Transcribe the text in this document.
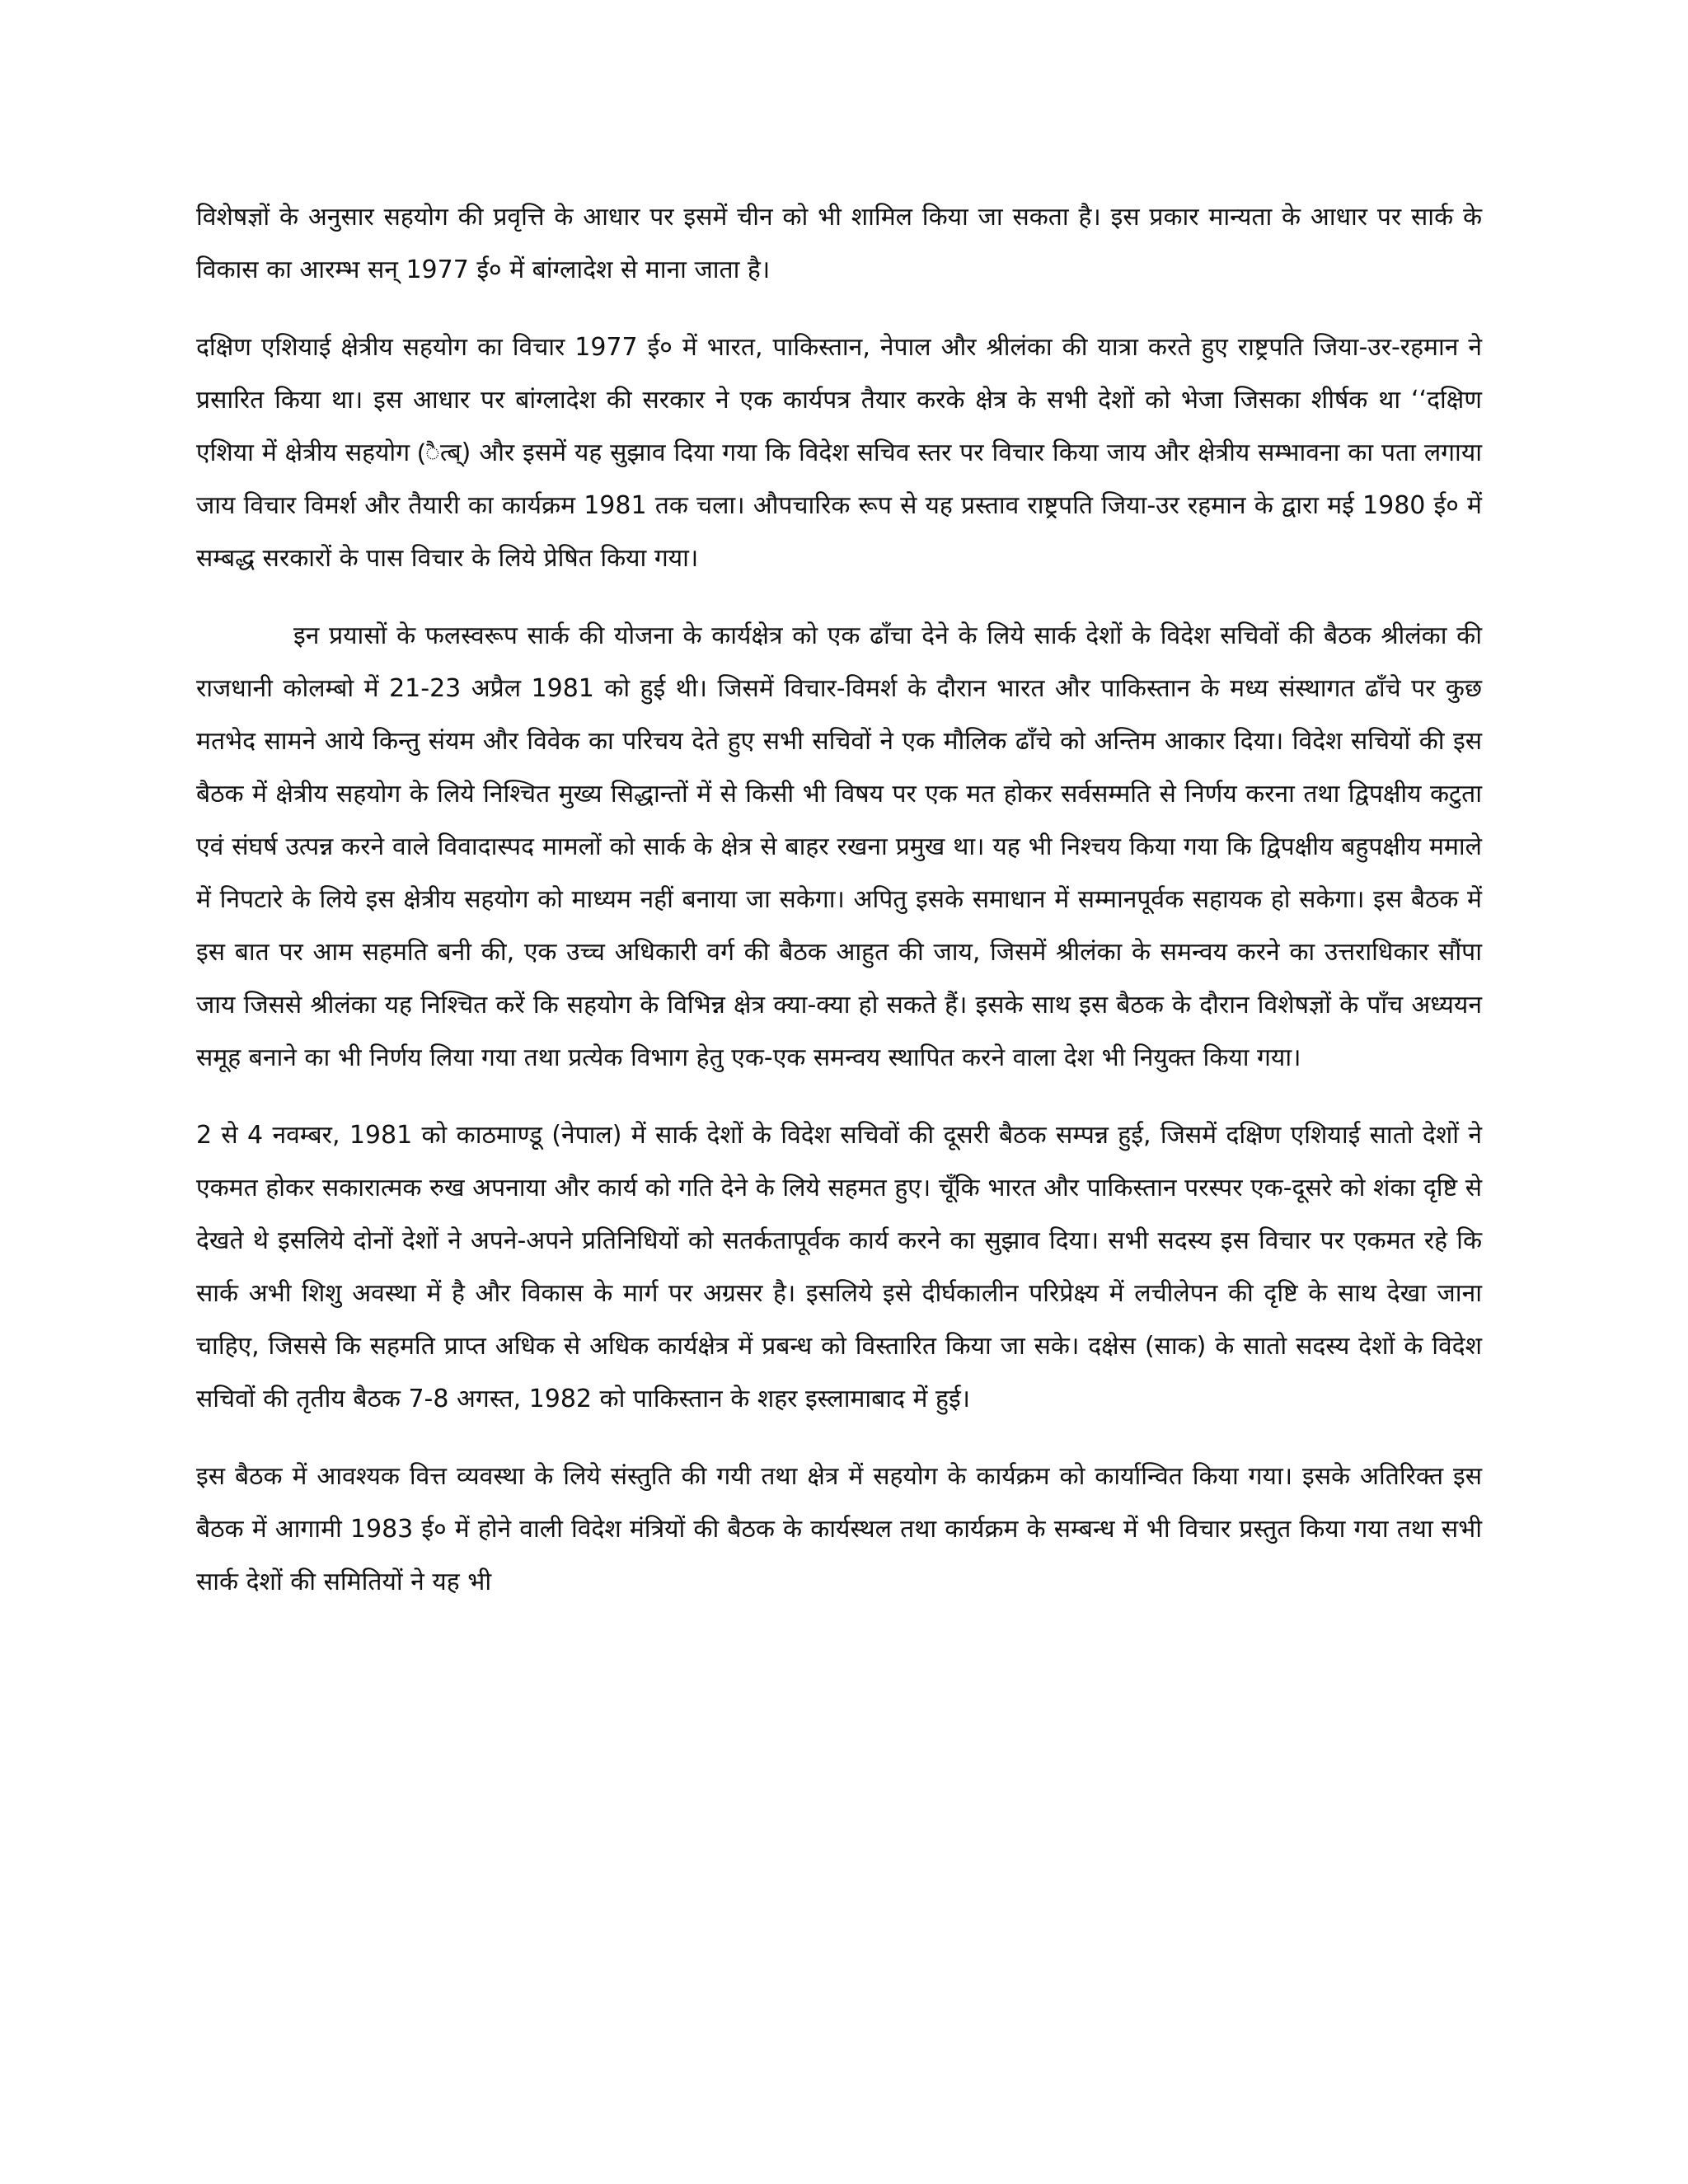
विशेषज्ञों के अनुसार सहयोग की प्रवृत्ति के आधार पर इसमें चीन को भी शामिल किया जा सकता है। इस प्रकार मान्यता के आधार पर सार्क के विकास का आरम्भ सन् 1977 ई० में बांग्लादेश से माना जाता है।

दक्षिण एशियाई क्षेत्रीय सहयोग का विचार 1977 ई० में भारत, पाकिस्तान, नेपाल और श्रीलंका की यात्रा करते हुए राष्ट्रपति जिया-उर-रहमान ने प्रसारित किया था। इस आधार पर बांग्लादेश की सरकार ने एक कार्यपत्र तैयार करके क्षेत्र के सभी देशों को भेजा जिसका शीर्षक था ‘‘दक्षिण एशिया में क्षेत्रीय सहयोग (ैत्ब्) और इसमें यह सुझाव दिया गया कि विदेश सचिव स्तर पर विचार किया जाय और क्षेत्रीय सम्भावना का पता लगाया जाय विचार विमर्श और तैयारी का कार्यक्रम 1981 तक चला। औपचारिक रूप से यह प्रस्ताव राष्ट्रपति जिया-उर रहमान के द्वारा मई 1980 ई० में सम्बद्ध सरकारों के पास विचार के लिये प्रेषित किया गया।

इन प्रयासों के फलस्वरूप सार्क की योजना के कार्यक्षेत्र को एक ढाँचा देने के लिये सार्क देशों के विदेश सचिवों की बैठक श्रीलंका की राजधानी कोलम्बो में 21-23 अप्रैल 1981 को हुई थी। जिसमें विचार-विमर्श के दौरान भारत और पाकिस्तान के मध्य संस्थागत ढाँचे पर कुछ मतभेद सामने आये किन्तु संयम और विवेक का परिचय देते हुए सभी सचिवों ने एक मौलिक ढाँचे को अन्तिम आकार दिया। विदेश सचियों की इस बैठक में क्षेत्रीय सहयोग के लिये निश्चित मुख्य सिद्धान्तों में से किसी भी विषय पर एक मत होकर सर्वसम्मति से निर्णय करना तथा द्विपक्षीय कटुता एवं संघर्ष उत्पन्न करने वाले विवादास्पद मामलों को सार्क के क्षेत्र से बाहर रखना प्रमुख था। यह भी निश्चय किया गया कि द्विपक्षीय बहुपक्षीय ममाले में निपटारे के लिये इस क्षेत्रीय सहयोग को माध्यम नहीं बनाया जा सकेगा। अपितु इसके समाधान में सम्मानपूर्वक सहायक हो सकेगा। इस बैठक में इस बात पर आम सहमति बनी की, एक उच्च अधिकारी वर्ग की बैठक आहुत की जाय, जिसमें श्रीलंका के समन्वय करने का उत्तराधिकार सौंपा जाय जिससे श्रीलंका यह निश्चित करें कि सहयोग के विभिन्न क्षेत्र क्या-क्या हो सकते हैं। इसके साथ इस बैठक के दौरान विशेषज्ञों के पाँच अध्ययन समूह बनाने का भी निर्णय लिया गया तथा प्रत्येक विभाग हेतु एक-एक समन्वय स्थापित करने वाला देश भी नियुक्त किया गया।

2 से 4 नवम्बर, 1981 को काठमाण्डू (नेपाल) में सार्क देशों के विदेश सचिवों की दूसरी बैठक सम्पन्न हुई, जिसमें दक्षिण एशियाई सातो देशों ने एकमत होकर सकारात्मक रुख अपनाया और कार्य को गति देने के लिये सहमत हुए। चूँकि भारत और पाकिस्तान परस्पर एक-दूसरे को शंका दृष्टि से देखते थे इसलिये दोनों देशों ने अपने-अपने प्रतिनिधियों को सतर्कतापूर्वक कार्य करने का सुझाव दिया। सभी सदस्य इस विचार पर एकमत रहे कि सार्क अभी शिशु अवस्था में है और विकास के मार्ग पर अग्रसर है। इसलिये इसे दीर्घकालीन परिप्रेक्ष्य में लचीलेपन की दृष्टि के साथ देखा जाना चाहिए, जिससे कि सहमति प्राप्त अधिक से अधिक कार्यक्षेत्र में प्रबन्ध को विस्तारित किया जा सके। दक्षेस (साक) के सातो सदस्य देशों के विदेश सचिवों की तृतीय बैठक 7-8 अगस्त, 1982 को पाकिस्तान के शहर इस्लामाबाद में हुई।

इस बैठक में आवश्यक वित्त व्यवस्था के लिये संस्तुति की गयी तथा क्षेत्र में सहयोग के कार्यक्रम को कार्यान्वित किया गया। इसके अतिरिक्त इस बैठक में आगामी 1983 ई० में होने वाली विदेश मंत्रियों की बैठक के कार्यस्थल तथा कार्यक्रम के सम्बन्ध में भी विचार प्रस्तुत किया गया तथा सभी सार्क देशों की समितियों ने यह भी
